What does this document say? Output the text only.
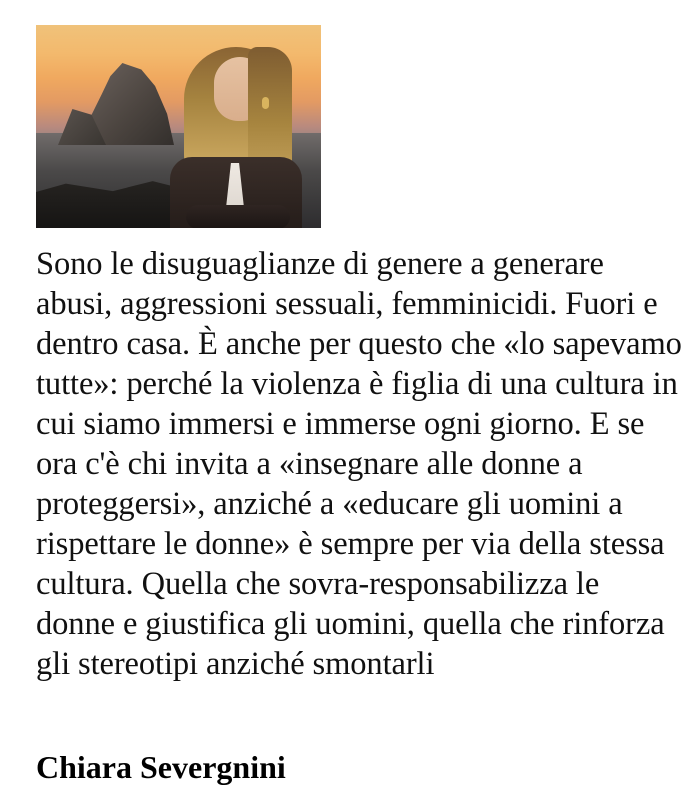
Sono le disuguaglianze di genere a generare abusi, aggressioni sessuali, femminicidi. Fuori e dentro casa. È anche per questo che «lo sapevamo tutte»: perché la violenza è figlia di una cultura in cui siamo immersi e immerse ogni giorno. E se ora c'è chi invita a «insegnare alle donne a proteggersi», anziché a «educare gli uomini a rispettare le donne» è sempre per via della stessa cultura. Quella che sovra-responsabilizza le donne e giustifica gli uomini, quella che rinforza gli stereotipi anziché smontarli
Chiara Severgnini
